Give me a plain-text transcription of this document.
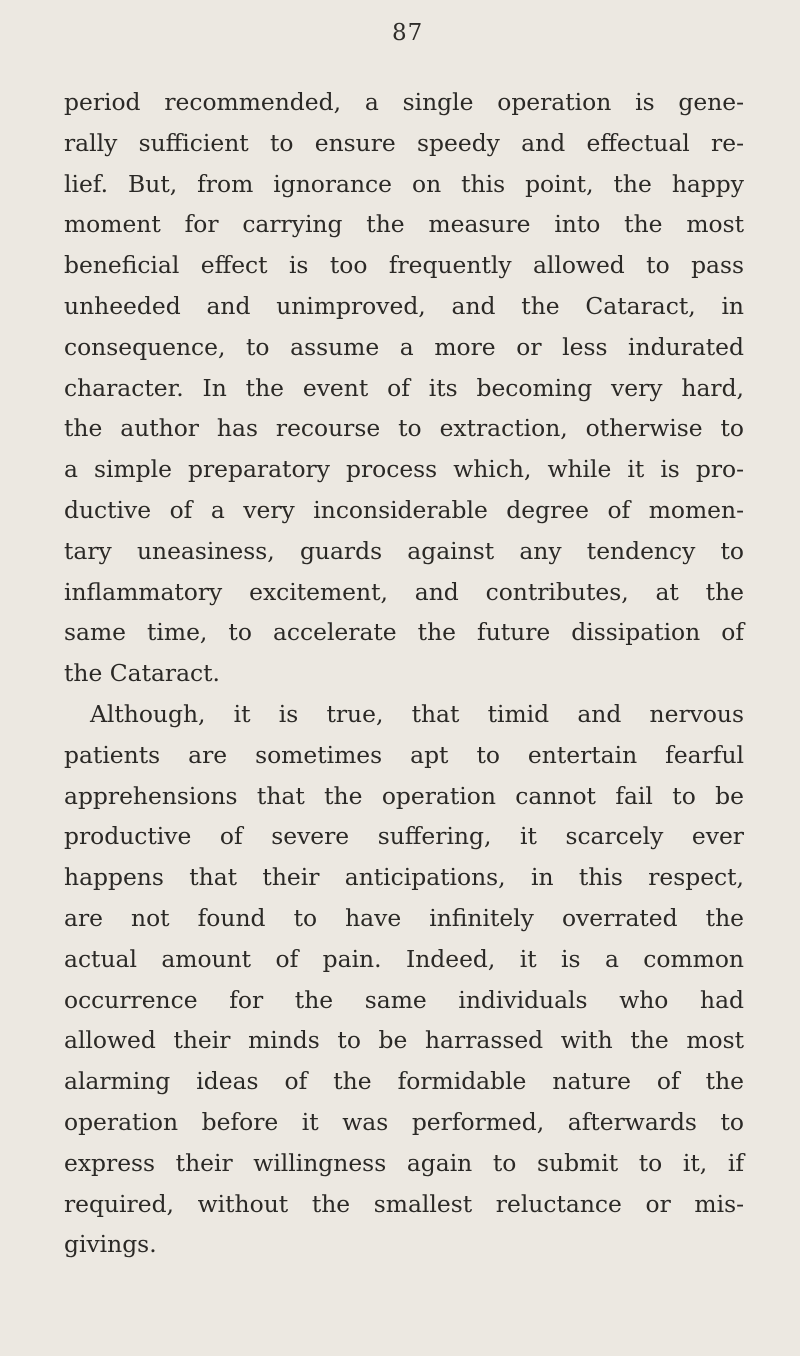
87
period recommended, a single operation is gene-
rally sufficient to ensure speedy and effectual re-
lief. But, from ignorance on this point, the happy
moment for carrying the measure into the most
beneficial effect is too frequently allowed to pass
unheeded and unimproved, and the Cataract, in
consequence, to assume a more or less indurated
character. In the event of its becoming very hard,
the author has recourse to extraction, otherwise to
a simple preparatory process which, while it is pro-
ductive of a very inconsiderable degree of momen-
tary uneasiness, guards against any tendency to
inflammatory excitement, and contributes, at the
same time, to accelerate the future dissipation of
the Cataract.
Although, it is true, that timid and nervous
patients are sometimes apt to entertain fearful
apprehensions that the operation cannot fail to be
productive of severe suffering, it scarcely ever
happens that their anticipations, in this respect,
are not found to have infinitely overrated the
actual amount of pain. Indeed, it is a common
occurrence for the same individuals who had
allowed their minds to be harrassed with the most
alarming ideas of the formidable nature of the
operation before it was performed, afterwards to
express their willingness again to submit to it, if
required, without the smallest reluctance or mis-
givings.
